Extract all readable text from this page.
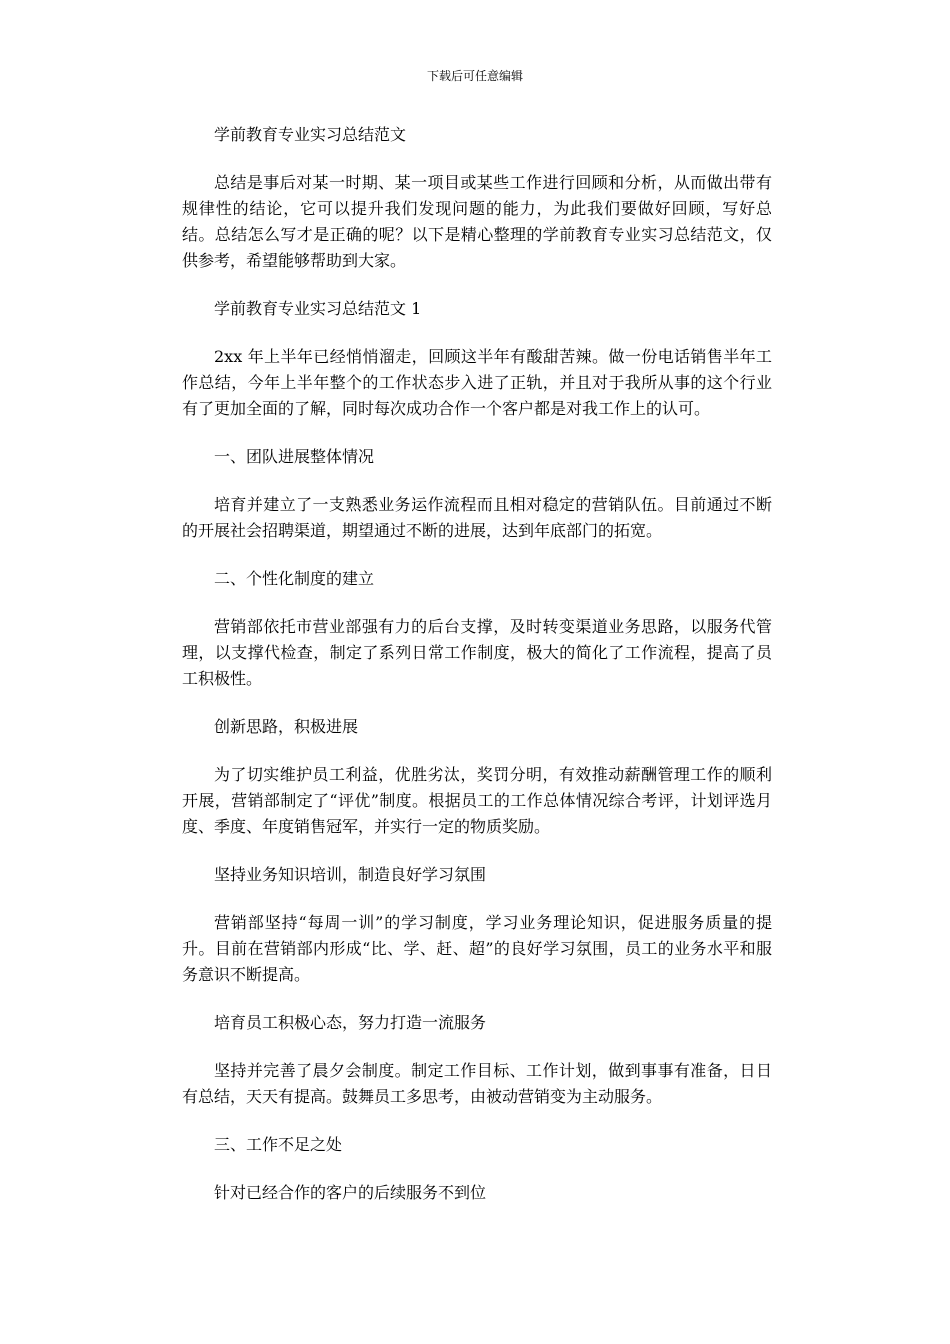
下载后可任意编辑

学前教育专业实习总结范文

总结是事后对某一时期、某一项目或某些工作进行回顾和分析，从而做出带有规律性的结论，它可以提升我们发现问题的能力，为此我们要做好回顾，写好总结。总结怎么写才是正确的呢？以下是精心整理的学前教育专业实习总结范文，仅供参考，希望能够帮助到大家。

学前教育专业实习总结范文 1

2xx 年上半年已经悄悄溜走，回顾这半年有酸甜苦辣。做一份电话销售半年工作总结，今年上半年整个的工作状态步入进了正轨，并且对于我所从事的这个行业有了更加全面的了解，同时每次成功合作一个客户都是对我工作上的认可。

一、团队进展整体情况

培育并建立了一支熟悉业务运作流程而且相对稳定的营销队伍。目前通过不断的开展社会招聘渠道，期望通过不断的进展，达到年底部门的拓宽。

二、个性化制度的建立

营销部依托市营业部强有力的后台支撑，及时转变渠道业务思路，以服务代管理，以支撑代检查，制定了系列日常工作制度，极大的简化了工作流程，提高了员工积极性。

创新思路，积极进展

为了切实维护员工利益，优胜劣汰，奖罚分明，有效推动薪酬管理工作的顺利开展，营销部制定了“评优”制度。根据员工的工作总体情况综合考评，计划评选月度、季度、年度销售冠军，并实行一定的物质奖励。

坚持业务知识培训，制造良好学习氛围

营销部坚持“每周一训”的学习制度，学习业务理论知识，促进服务质量的提升。目前在营销部内形成“比、学、赶、超”的良好学习氛围，员工的业务水平和服务意识不断提高。

培育员工积极心态，努力打造一流服务

坚持并完善了晨夕会制度。制定工作目标、工作计划，做到事事有准备，日日有总结，天天有提高。鼓舞员工多思考，由被动营销变为主动服务。

三、工作不足之处

针对已经合作的客户的后续服务不到位
